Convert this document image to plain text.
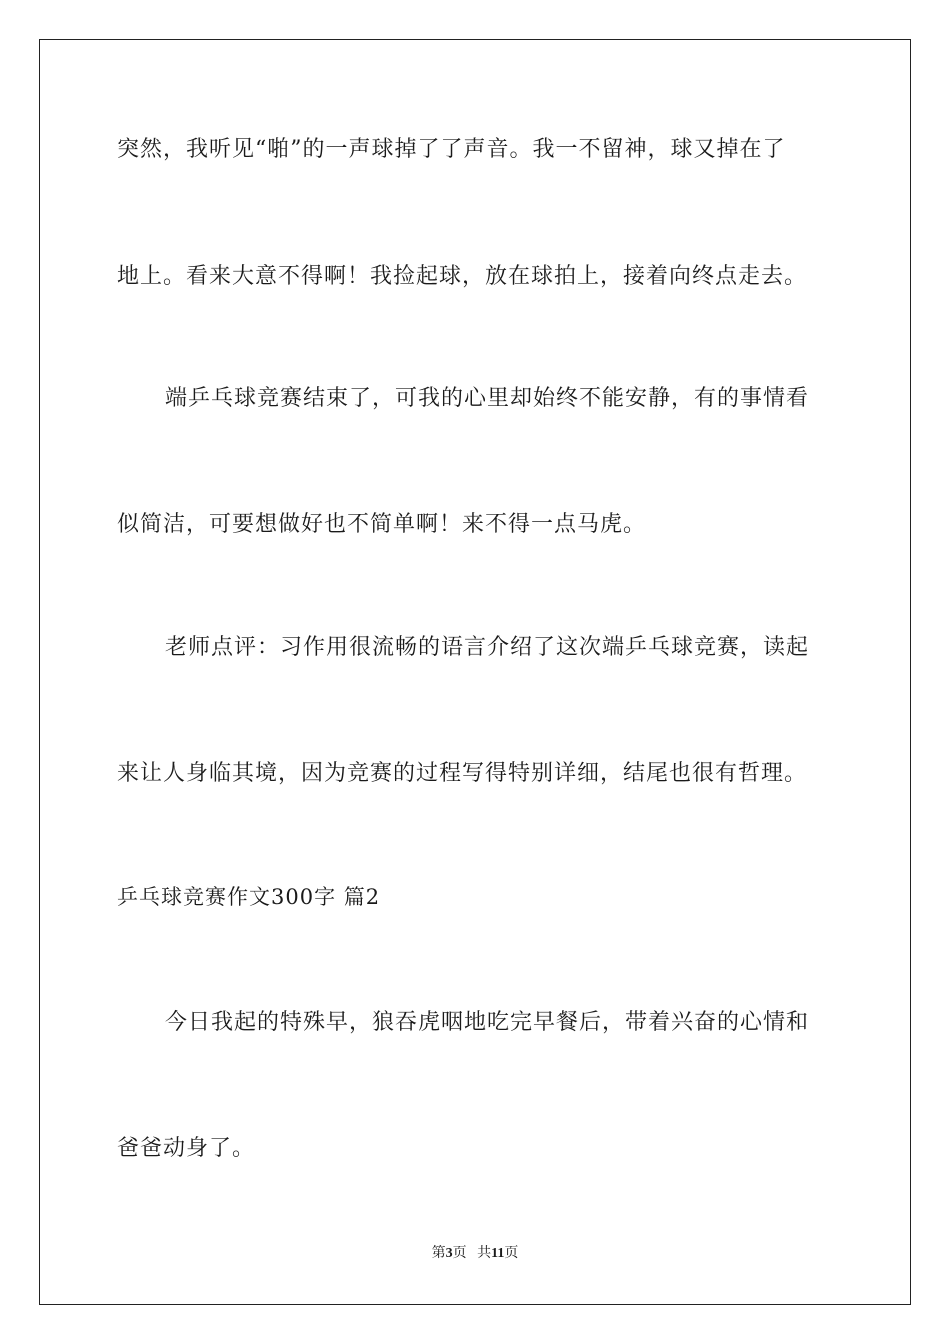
突然，我听见“啪”的一声球掉了了声音。我一不留神，球又掉在了
地上。看来大意不得啊！我捡起球，放在球拍上，接着向终点走去。
端乒乓球竞赛结束了，可我的心里却始终不能安静，有的事情看
似简洁，可要想做好也不简单啊！来不得一点马虎。
老师点评：习作用很流畅的语言介绍了这次端乒乓球竞赛，读起
来让人身临其境，因为竞赛的过程写得特别详细，结尾也很有哲理。
乒乓球竞赛作文300字 篇2
今日我起的特殊早，狼吞虎咽地吃完早餐后，带着兴奋的心情和
爸爸动身了。
第3页 共11页
